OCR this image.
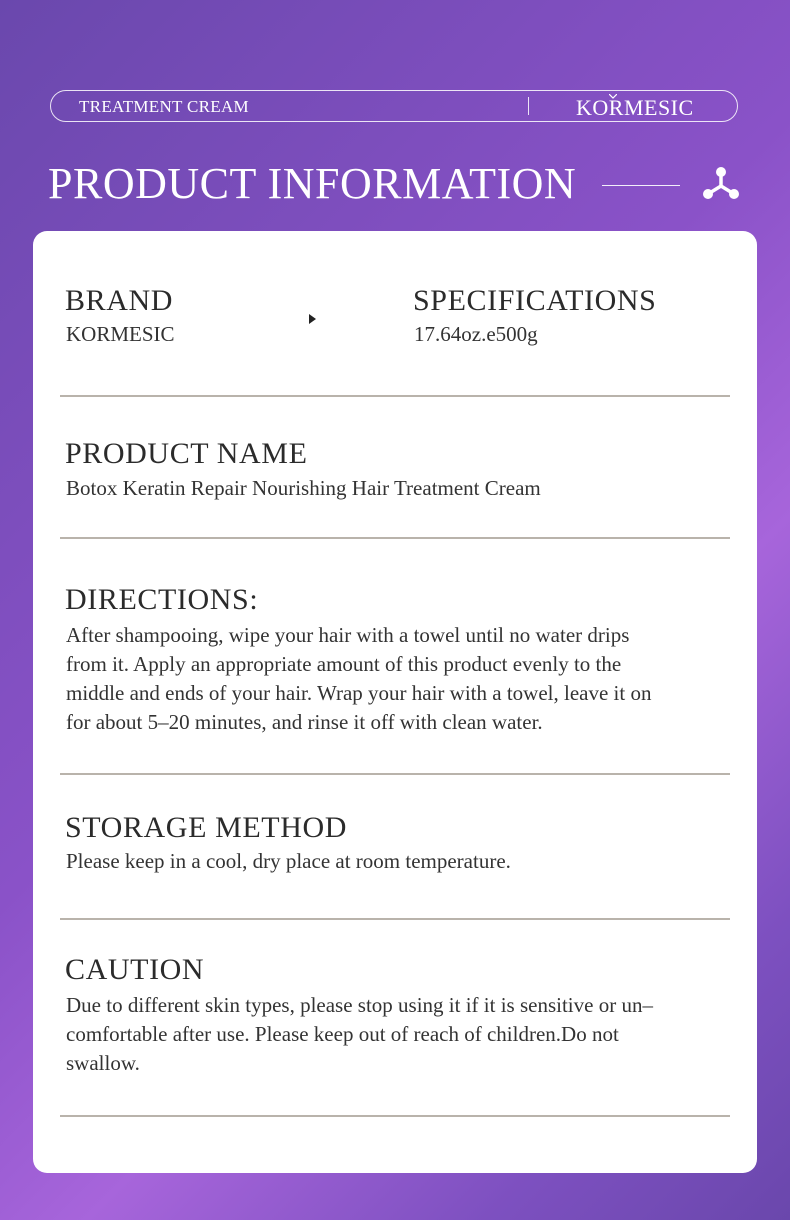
TREATMENT CREAM	KORMESIC
PRODUCT INFORMATION
BRAND
KORMESIC
SPECIFICATIONS
17.64oz.e500g
PRODUCT NAME
Botox Keratin Repair Nourishing Hair Treatment Cream
DIRECTIONS:
After shampooing, wipe your hair with a towel until no water drips
from it. Apply an appropriate amount of this product evenly to the
middle and ends of your hair. Wrap your hair with a towel, leave it on
for about 5–20 minutes, and rinse it off with clean water.
STORAGE METHOD
Please keep in a cool, dry place at room temperature.
CAUTION
Due to different skin types, please stop using it if it is sensitive or un–
comfortable after use. Please keep out of reach of children.Do not
swallow.
